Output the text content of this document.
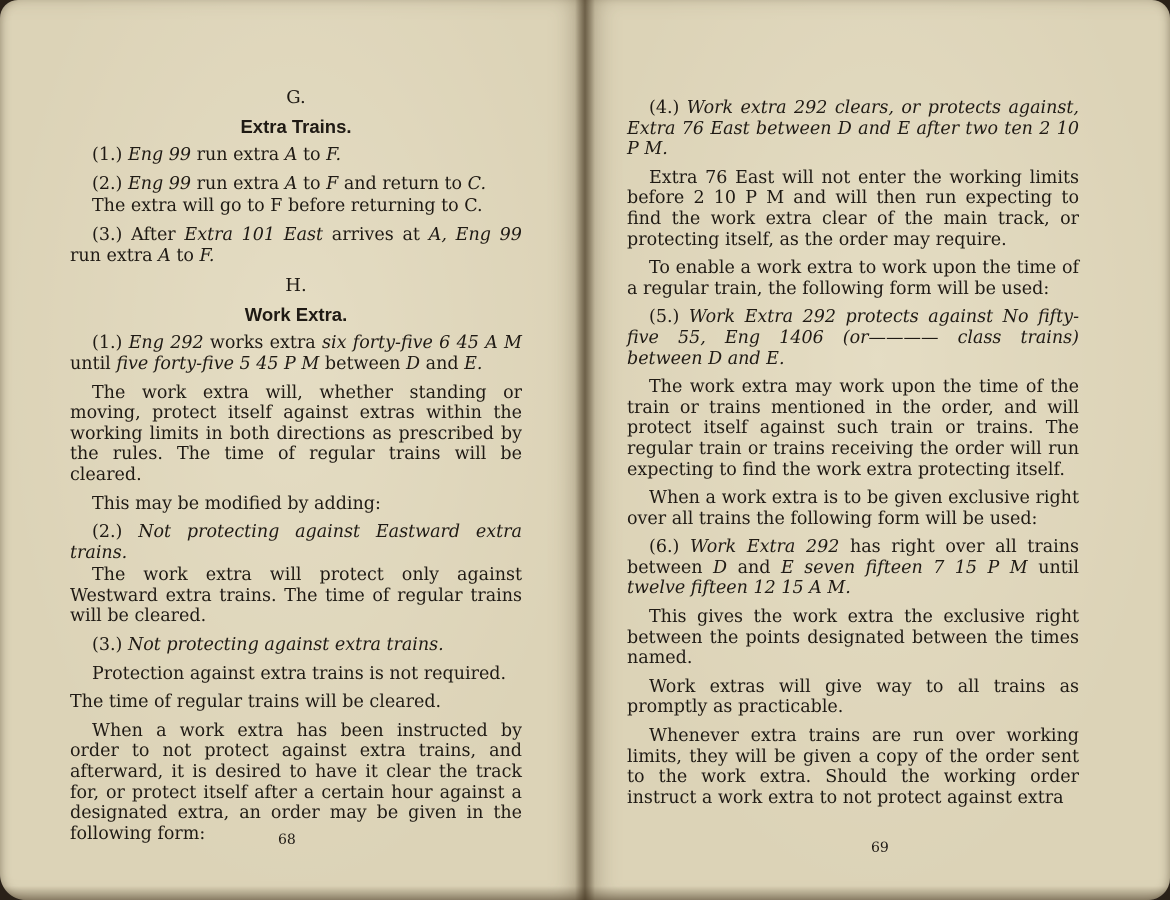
G.
Extra Trains.

(1.) Eng 99 run extra A to F.

(2.) Eng 99 run extra A to F and return to C.

The extra will go to F before returning to C.

(3.) After Extra 101 East arrives at A, Eng 99 run extra A to F.

H.
Work Extra.

(1.) Eng 292 works extra six forty-five 6 45 A M until five forty-five 5 45 P M between D and E.

The work extra will, whether standing or moving, protect itself against extras within the working limits in both directions as prescribed by the rules. The time of regular trains will be cleared.

This may be modified by adding:

(2.) Not protecting against Eastward extra trains.

The work extra will protect only against Westward extra trains. The time of regular trains will be cleared.

(3.) Not protecting against extra trains.

Protection against extra trains is not required.

The time of regular trains will be cleared.

When a work extra has been instructed by order to not protect against extra trains, and afterward, it is desired to have it clear the track for, or protect itself after a certain hour against a designated extra, an order may be given in the following form:	68

(4.) Work extra 292 clears, or protects against, Extra 76 East between D and E after two ten 2 10 P M.

Extra 76 East will not enter the working limits before 2 10 P M and will then run expecting to find the work extra clear of the main track, or protecting itself, as the order may require.

To enable a work extra to work upon the time of a regular train, the following form will be used:

(5.) Work Extra 292 protects against No fifty-five 55, Eng 1406 (or———— class trains) between D and E.

The work extra may work upon the time of the train or trains mentioned in the order, and will protect itself against such train or trains. The regular train or trains receiving the order will run expecting to find the work extra protecting itself.

When a work extra is to be given exclusive right over all trains the following form will be used:

(6.) Work Extra 292 has right over all trains between D and E seven fifteen 7 15 P M until twelve fifteen 12 15 A M.

This gives the work extra the exclusive right between the points designated between the times named.

Work extras will give way to all trains as promptly as practicable.

Whenever extra trains are run over working limits, they will be given a copy of the order sent to the work extra. Should the working order instruct a work extra to not protect against extra

69
